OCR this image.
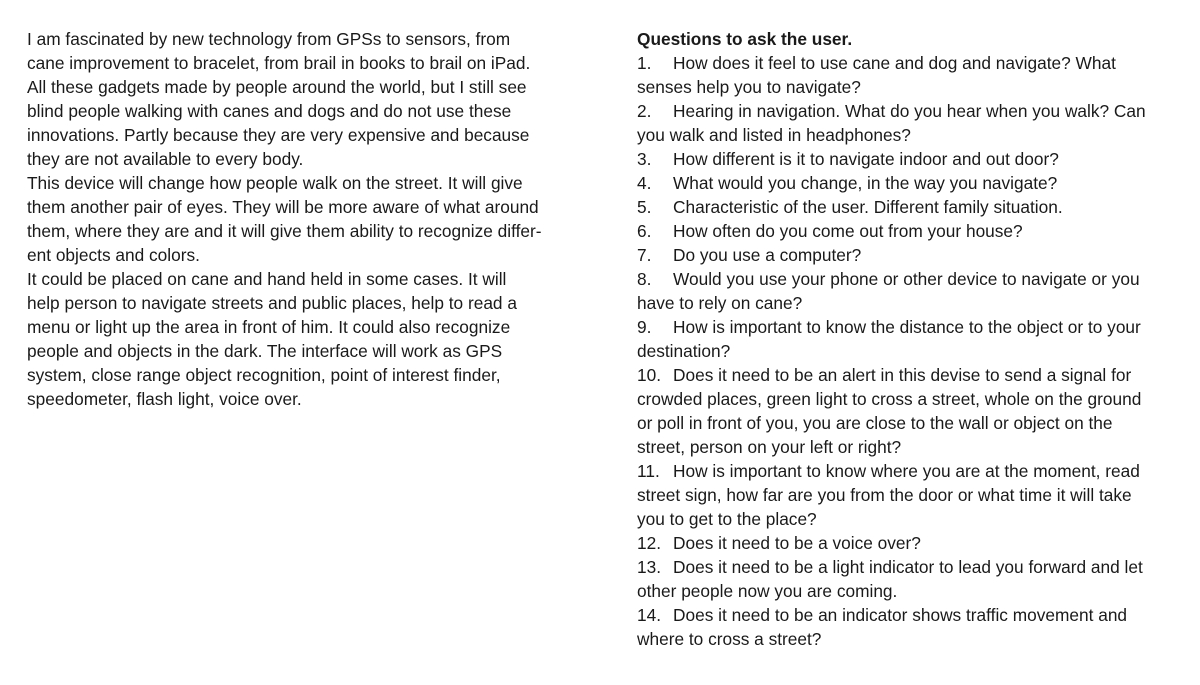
I am fascinated by new technology from GPSs to sensors, from
cane improvement to bracelet, from brail in books to brail on iPad.
All these gadgets made by people around the world, but I still see
blind people walking with canes and dogs and do not use these
innovations. Partly because they are very expensive and because
they are not available to every body.
This device will change how people walk on the street. It will give
them another pair of eyes. They will be more aware of what around
them, where they are and it will give them ability to recognize differ-
ent objects and colors.
It could be placed on cane and hand held in some cases. It will
help person to navigate streets and public places, help to read a
menu or light up the area in front of him. It could also recognize
people and objects in the dark. The interface will work as GPS
system, close range object recognition, point of interest finder,
speedometer, flash light, voice over.
Questions to ask the user.
1. How does it feel to use cane and dog and navigate? What
senses help you to navigate?
2. Hearing in navigation. What do you hear when you walk? Can
you walk and listed in headphones?
3. How different is it to navigate indoor and out door?
4. What would you change, in the way you navigate?
5. Characteristic of the user. Different family situation.
6. How often do you come out from your house?
7. Do you use a computer?
8. Would you use your phone or other device to navigate or you
have to rely on cane?
9. How is important to know the distance to the object or to your
destination?
10. Does it need to be an alert in this devise to send a signal for
crowded places, green light to cross a street, whole on the ground
or poll in front of you, you are close to the wall or object on the
street, person on your left or right?
11. How is important to know where you are at the moment, read
street sign, how far are you from the door or what time it will take
you to get to the place?
12. Does it need to be a voice over?
13. Does it need to be a light indicator to lead you forward and let
other people now you are coming.
14. Does it need to be an indicator shows traffic movement and
where to cross a street?
